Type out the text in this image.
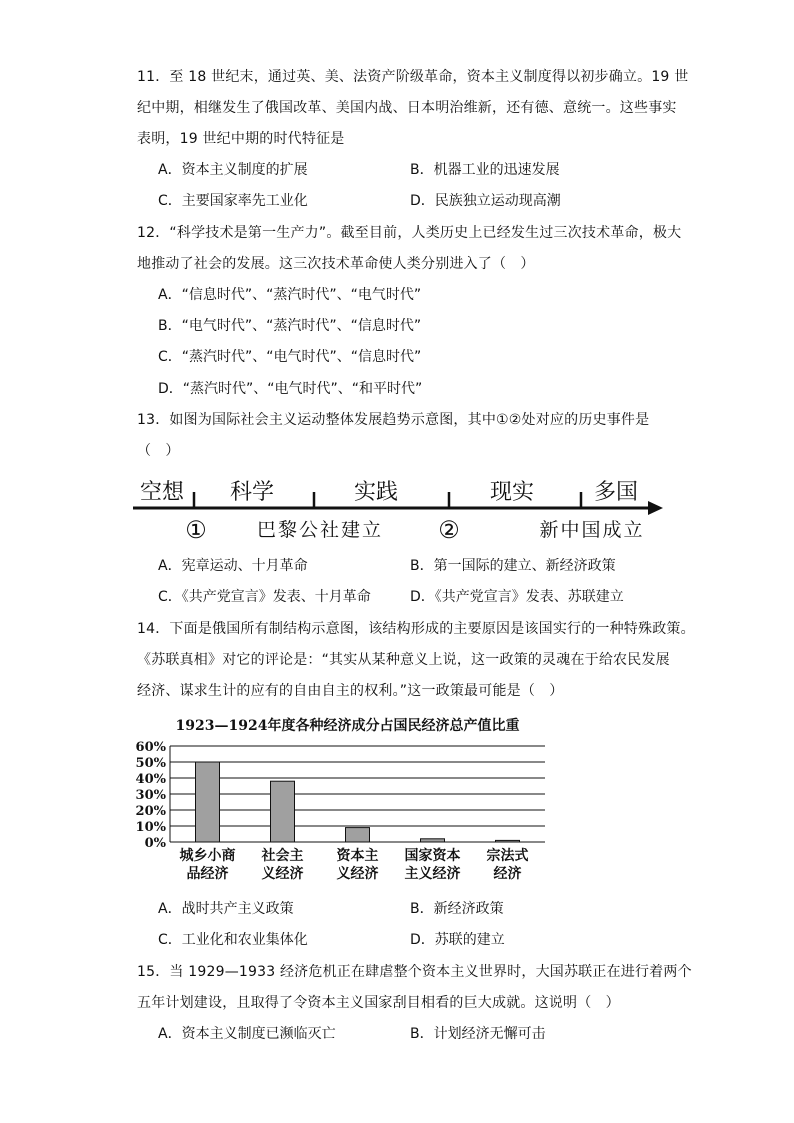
11．至 18 世纪末，通过英、美、法资产阶级革命，资本主义制度得以初步确立。19 世
纪中期，相继发生了俄国改革、美国内战、日本明治维新，还有德、意统一。这些事实
表明，19 世纪中期的时代特征是
A．资本主义制度的扩展	B．机器工业的迅速发展
C．主要国家率先工业化	D．民族独立运动现高潮
12．“科学技术是第一生产力”。截至目前，人类历史上已经发生过三次技术革命，极大
地推动了社会的发展。这三次技术革命使人类分别进入了（　）
A．“信息时代”、“蒸汽时代”、“电气时代”
B．“电气时代”、“蒸汽时代”、“信息时代”
C．“蒸汽时代”、“电气时代”、“信息时代”
D．“蒸汽时代”、“电气时代”、“和平时代”
13．如图为国际社会主义运动整体发展趋势示意图，其中①②处对应的历史事件是
（　）
空想 科学	实践	现实	多国
①	巴黎公社建立 ②	新中国成立
A．宪章运动、十月革命	B．第一国际的建立、新经济政策
C．《共产党宣言》发表、十月革命	D．《共产党宣言》发表、苏联建立
14．下面是俄国所有制结构示意图，该结构形成的主要原因是该国实行的一种特殊政策。
《苏联真相》对它的评论是：“其实从某种意义上说，这一政策的灵魂在于给农民发展
经济、谋求生计的应有的自由自主的权利。”这一政策最可能是（　）
1923—1924年度各种经济成分占国民经济总产值比重
60%
50%
40%
30%
20%
10%
0%
城乡小商
品经济
社会主
义经济
资本主
义经济
国家资本
主义经济
宗法式
经济
A．战时共产主义政策	B．新经济政策
C．工业化和农业集体化	D．苏联的建立
15．当 1929—1933 经济危机正在肆虐整个资本主义世界时，大国苏联正在进行着两个
五年计划建设，且取得了令资本主义国家刮目相看的巨大成就。这说明（　）
A．资本主义制度已濒临灭亡	B．计划经济无懈可击
